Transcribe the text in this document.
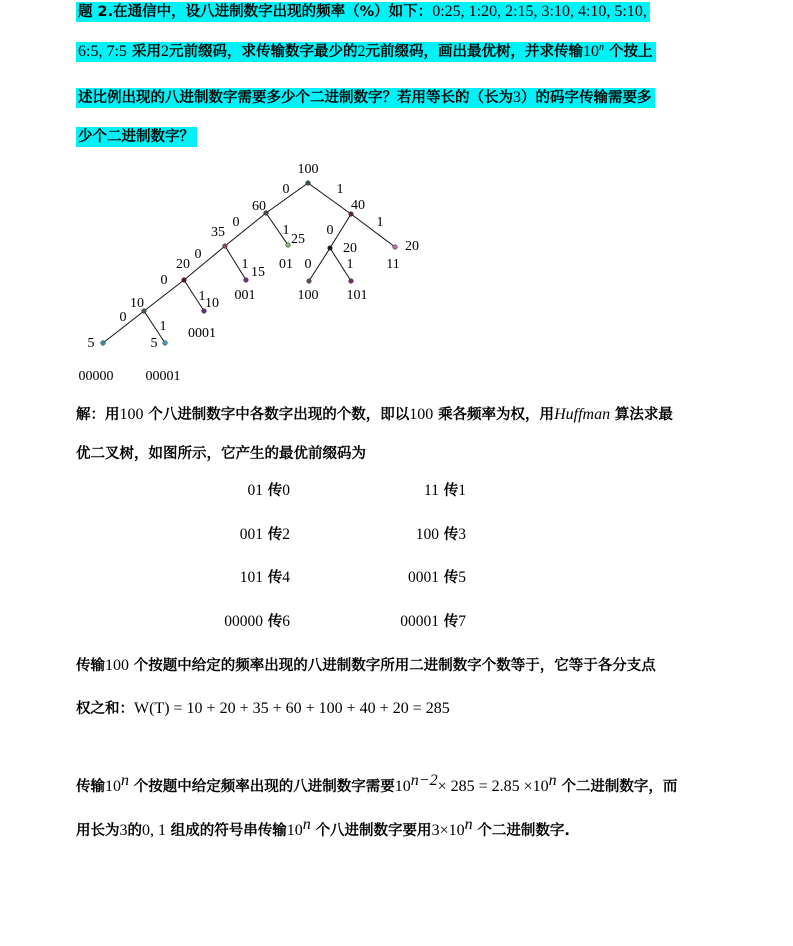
题 2.在通信中，设八进制数字出现的频率（%）如下：0:25, 1:20, 2:15, 3:10, 4:10, 5:10,
6:5, 7:5 采用2元前缀码，求传输数字最少的2元前缀码，画出最优树，并求传输10$^n$ 个按上
述比例出现的八进制数字需要多少个二进制数字？若用等长的（长为3）的码字传输需要多
少个二进制数字？
0	1
0
1	0
1
0
1	0	1
0
1
0
1
100
60	40
35	25
01
20	20
11
20
15
001	100 101
10	10
0001
5
00000
5
00001
解：用100 个八进制数字中各数字出现的个数，即以100 乘各频率为权，用Huffman 算法求最
优二叉树，如图所示，它产生的最优前缀码为
01 传0	11 传1
001 传2	100 传3
101 传4	0001 传5
00000 传6	00001 传7
传输100 个按题中给定的频率出现的八进制数字所用二进制数字个数等于，它等于各分支点
权之和：W(T) = 10 + 20 + 35 + 60 + 100 + 40 + 20 = 285
传输10$^n$ 个按题中给定频率出现的八进制数字需要$10^{n-2}\times 285 = 2.85 \times 10^n$ 个二进制数字，而
用长为3的0, 1 组成的符号串传输10$^n$ 个八进制数字要用$3\times 10^n$ 个二进制数字.
